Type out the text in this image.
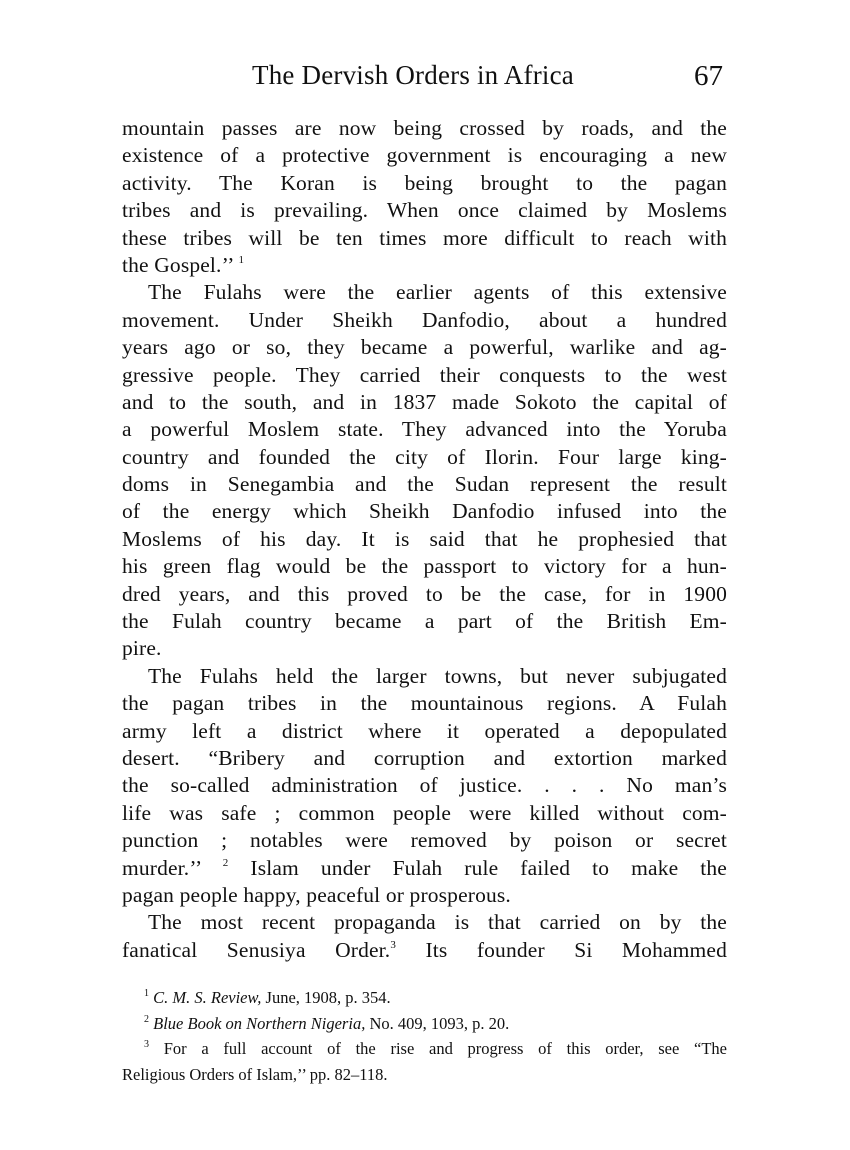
The Dervish Orders in Africa	67
mountain passes are now being crossed by roads, and the
existence of a protective government is encouraging a new
activity. The Koran is being brought to the pagan
tribes and is prevailing. When once claimed by Moslems
these tribes will be ten times more difficult to reach with
the Gospel.’’ $^1$
The Fulahs were the earlier agents of this extensive
movement. Under Sheikh Danfodio, about a hundred
years ago or so, they became a powerful, warlike and ag-
gressive people. They carried their conquests to the west
and to the south, and in 1837 made Sokoto the capital of
a powerful Moslem state. They advanced into the Yoruba
country and founded the city of Ilorin. Four large king-
doms in Senegambia and the Sudan represent the result
of the energy which Sheikh Danfodio infused into the
Moslems of his day. It is said that he prophesied that
his green flag would be the passport to victory for a hun-
dred years, and this proved to be the case, for in 1900
the Fulah country became a part of the British Em-
pire.
The Fulahs held the larger towns, but never subjugated
the pagan tribes in the mountainous regions. A Fulah
army left a district where it operated a depopulated
desert. “Bribery and corruption and extortion marked
the so-called administration of justice. . . . No man’s
life was safe ; common people were killed without com-
punction ; notables were removed by poison or secret
murder.’’ $^2$ Islam under Fulah rule failed to make the
pagan people happy, peaceful or prosperous.
The most recent propaganda is that carried on by the
fanatical Senusiya Order.$^3$ Its founder Si Mohammed
$^1$ C. M. S. Review, June, 1908, p. 354.
$^2$ Blue Book on Northern Nigeria, No. 409, 1093, p. 20.
$^3$ For a full account of the rise and progress of this order, see “The
Religious Orders of Islam,’’ pp. 82–118.
